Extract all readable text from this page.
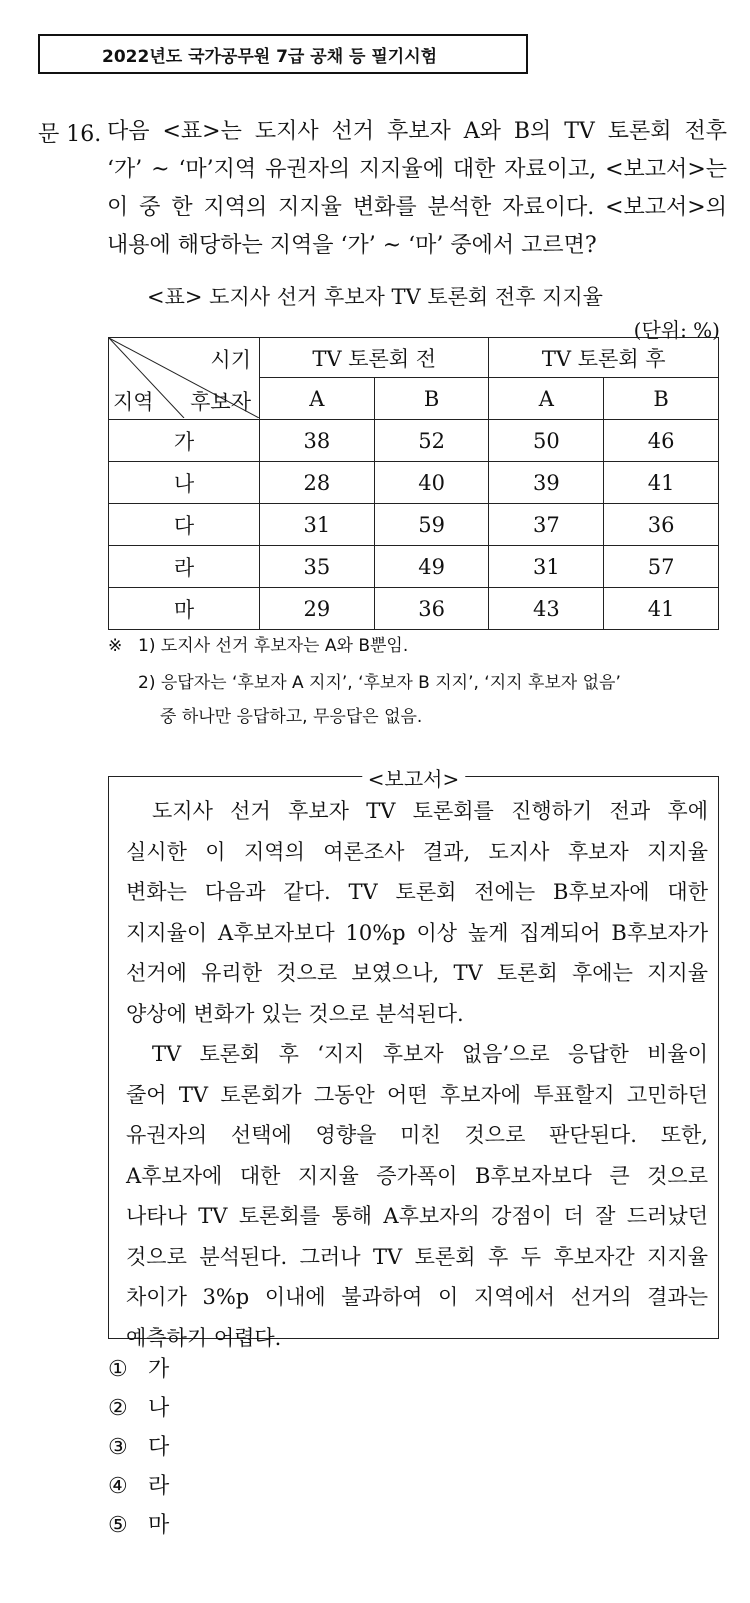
2022년도 국가공무원 7급 공채 등 필기시험
문 16. 다음 <표>는 도지사 선거 후보자 A와 B의 TV 토론회 전후
‘가’ ~ ‘마’지역 유권자의 지지율에 대한 자료이고, <보고서>는
이 중 한 지역의 지지율 변화를 분석한 자료이다. <보고서>의
내용에 해당하는 지역을 ‘가’ ~ ‘마’ 중에서 고르면?
<표> 도지사 선거 후보자 TV 토론회 전후 지지율
(단위: %)
시기
후보자
지역	TV 토론회 전		TV 토론회 후	
	A	B	A	B
가	38	52	50	46
나	28	40	39	41
다	31	59	37	36
라	35	49	31	57
마	29	36	43	41
※ 1) 도지사 선거 후보자는 A와 B뿐임.
2) 응답자는 ‘후보자 A 지지’, ‘후보자 B 지지’, ‘지지 후보자 없음’
중 하나만 응답하고, 무응답은 없음.
<보고서>
도지사 선거 후보자 TV 토론회를 진행하기 전과 후에
실시한 이 지역의 여론조사 결과, 도지사 후보자 지지율
변화는 다음과 같다. TV 토론회 전에는 B후보자에 대한
지지율이 A후보자보다 10%p 이상 높게 집계되어 B후보자가
선거에 유리한 것으로 보였으나, TV 토론회 후에는 지지율
양상에 변화가 있는 것으로 분석된다.
TV 토론회 후 ‘지지 후보자 없음’으로 응답한 비율이
줄어 TV 토론회가 그동안 어떤 후보자에 투표할지 고민하던
유권자의 선택에 영향을 미친 것으로 판단된다. 또한,
A후보자에 대한 지지율 증가폭이 B후보자보다 큰 것으로
나타나 TV 토론회를 통해 A후보자의 강점이 더 잘 드러났던
것으로 분석된다. 그러나 TV 토론회 후 두 후보자간 지지율
차이가 3%p 이내에 불과하여 이 지역에서 선거의 결과는
예측하기 어렵다.
① 가
② 나
③ 다
④ 라
⑤ 마
